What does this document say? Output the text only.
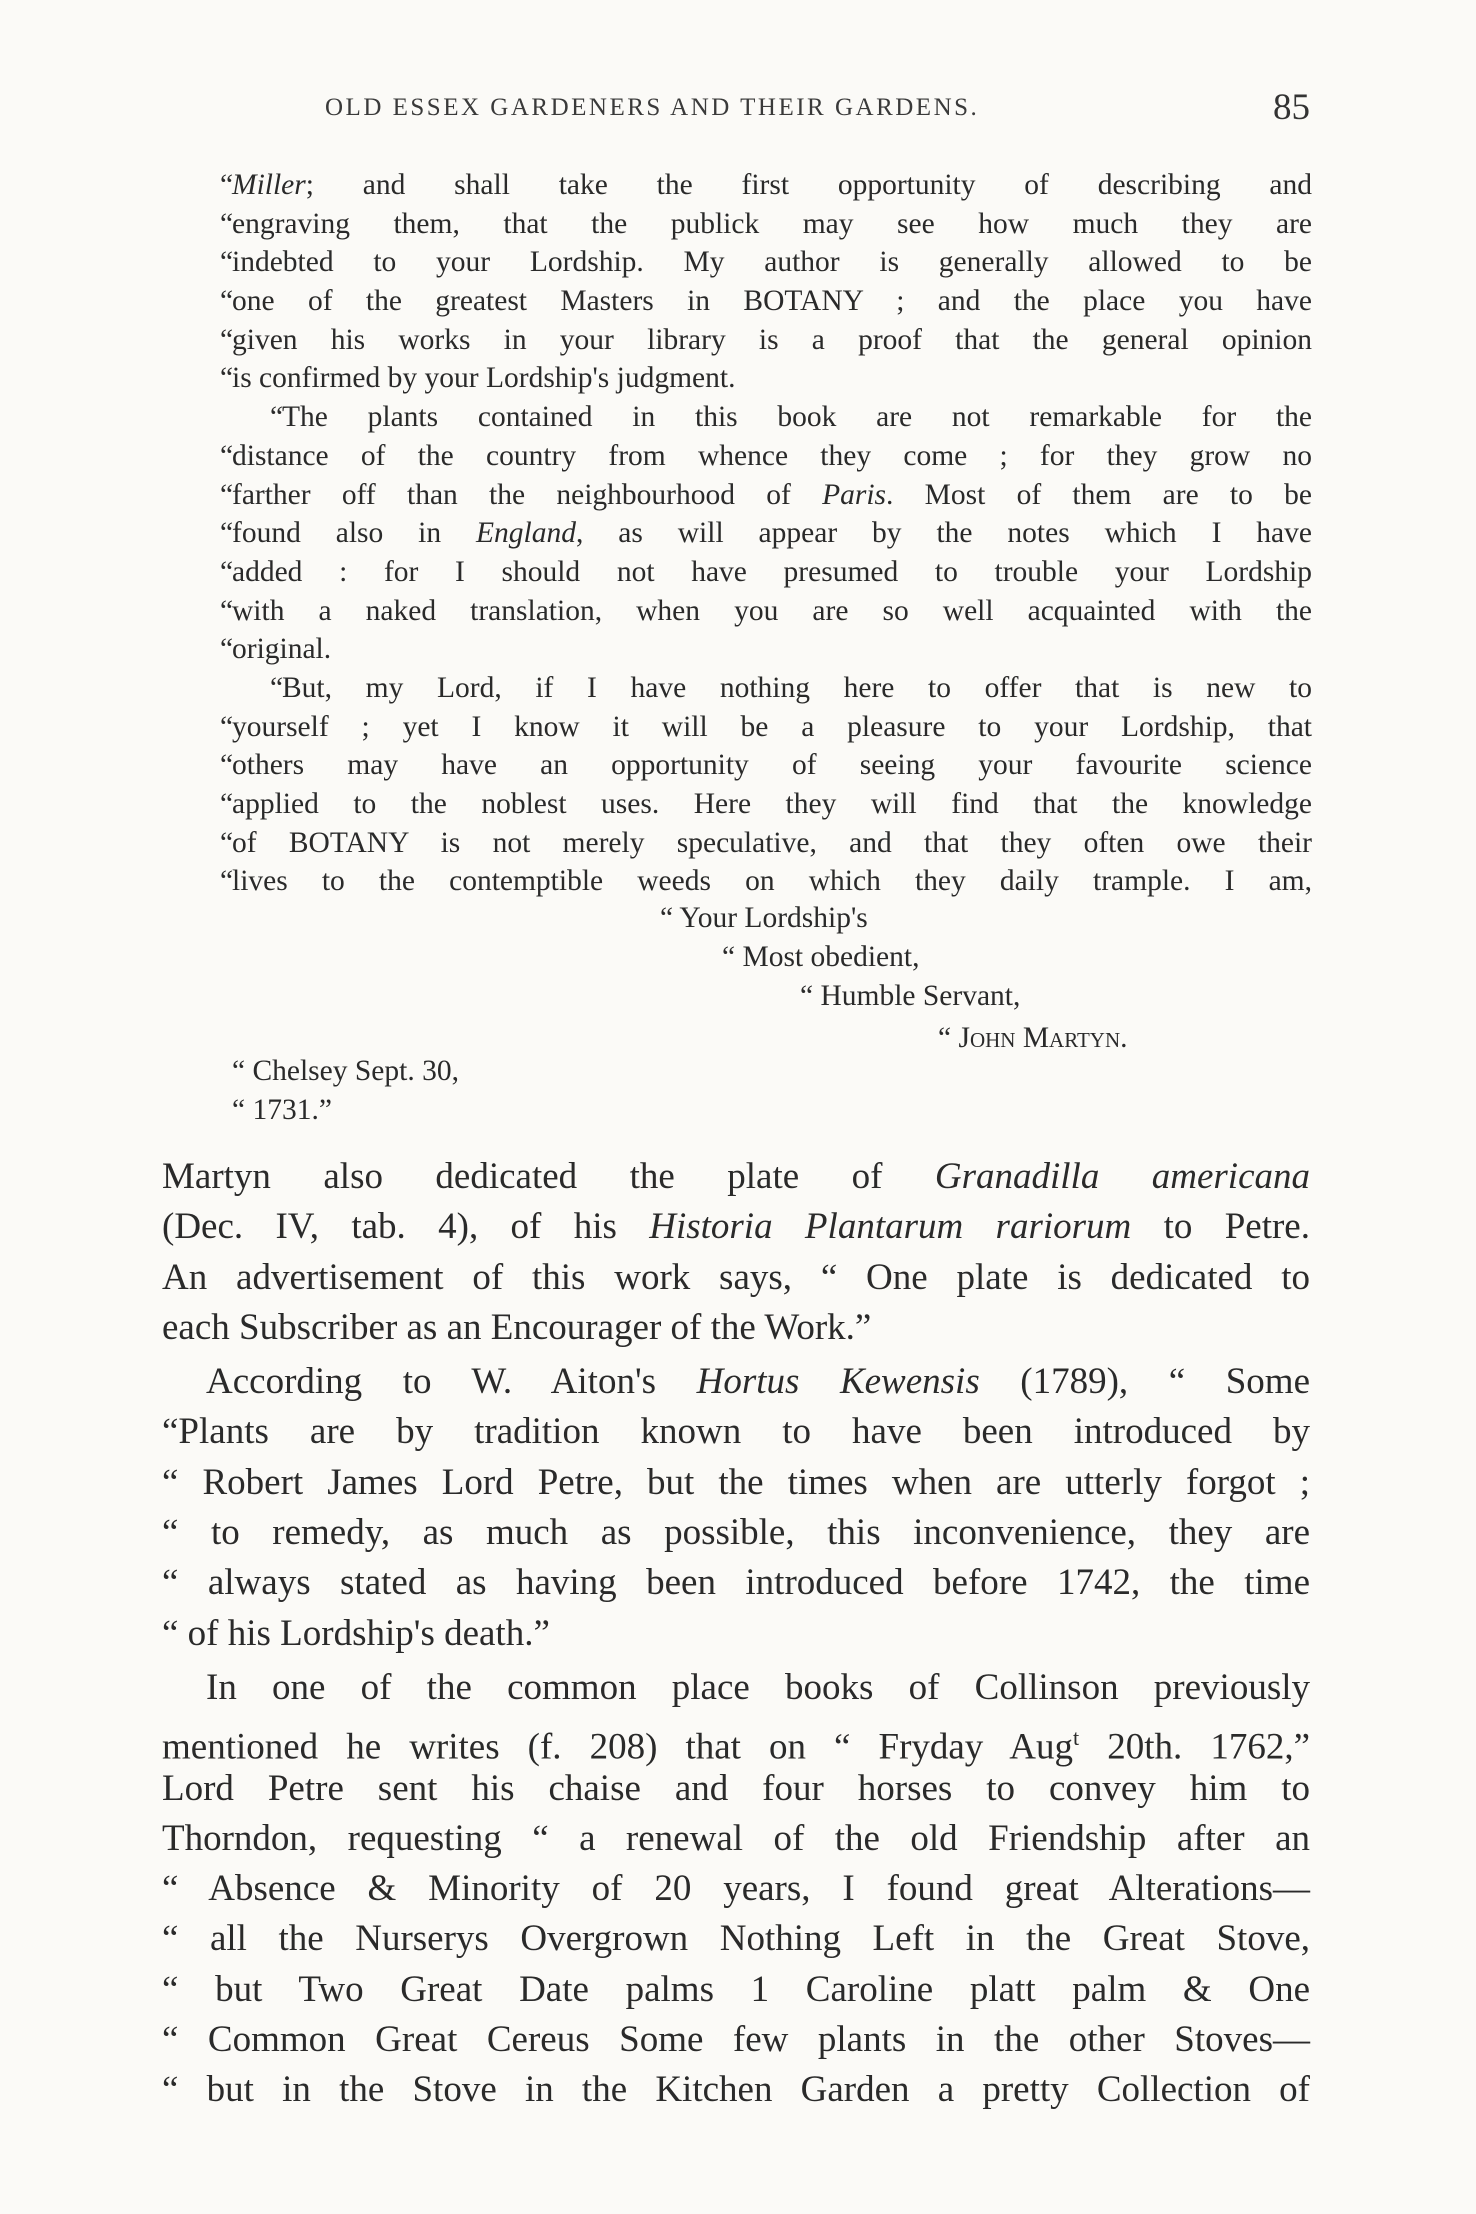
OLD ESSEX GARDENERS AND THEIR GARDENS.	85
“
Miller; and shall take the first opportunity of describing and
“
engraving them, that the publick may see how much they are
“
indebted to your Lordship. My author is generally allowed to be
“
one of the greatest Masters in BOTANY ; and the place you have
“
given his works in your library is a proof that the general opinion
“
is confirmed by your Lordship's judgment.
“
The plants contained in this book are not remarkable for the
“
distance of the country from whence they come ; for they grow no
“
farther off than the neighbourhood of Paris. Most of them are to be
“
found also in England, as will appear by the notes which I have
“
added : for I should not have presumed to trouble your Lordship
“
with a naked translation, when you are so well acquainted with the
“
original.
“
But, my Lord, if I have nothing here to offer that is new to
“
yourself ; yet I know it will be a pleasure to your Lordship, that
“
others may have an opportunity of seeing your favourite science
“
applied to the noblest uses. Here they will find that the knowledge
“
of BOTANY is not merely speculative, and that they often owe their
“
lives to the contemptible weeds on which they daily trample. I am,
“ Your Lordship's
“ Most obedient,
“ Humble Servant,
“ John Martyn.
“ Chelsey Sept. 30,
“ 1731.”
Martyn also dedicated the plate of Granadilla americana
(Dec. IV, tab. 4), of his Historia Plantarum rariorum to Petre.
An advertisement of this work says, “ One plate is dedicated to
each Subscriber as an Encourager of the Work.”
According to W. Aiton's Hortus Kewensis (1789), “ Some
“Plants are by tradition known to have been introduced by
“ Robert James Lord Petre, but the times when are utterly forgot ;
“ to remedy, as much as possible, this inconvenience, they are
“ always stated as having been introduced before 1742, the time
“ of his Lordship's death.”
In one of the common place books of Collinson previously
mentioned he writes (f. 208) that on “ Fryday Aug$^t$ 20th. 1762,”
Lord Petre sent his chaise and four horses to convey him to
Thorndon, requesting “ a renewal of the old Friendship after an
“ Absence & Minority of 20 years, I found great Alterations—
“ all the Nurserys Overgrown Nothing Left in the Great Stove,
“ but Two Great Date palms 1 Caroline platt palm & One
“ Common Great Cereus Some few plants in the other Stoves—
“ but in the Stove in the Kitchen Garden a pretty Collection of
